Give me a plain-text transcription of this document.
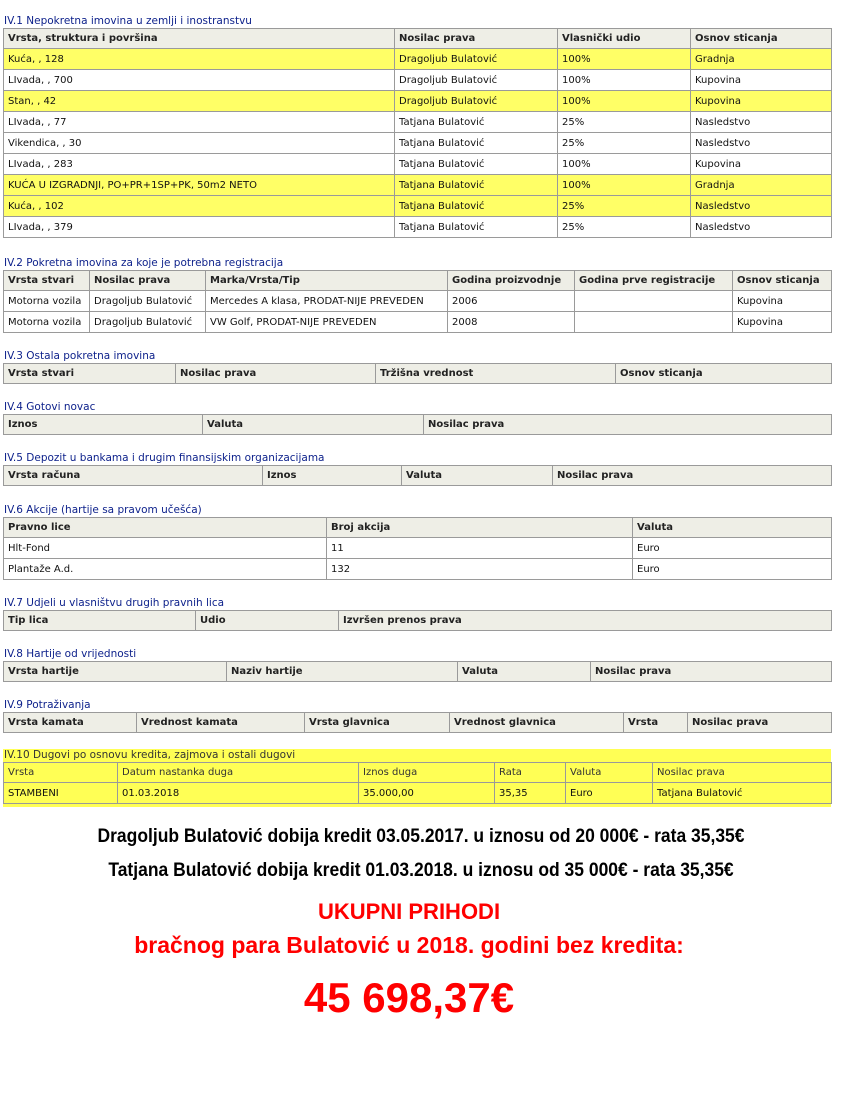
IV.1 Nepokretna imovina u zemlji i inostranstvu
Vrsta, struktura i površina	Nosilac prava	Vlasnički udio	Osnov sticanja
Kuća, , 128	Dragoljub Bulatović	100%	Gradnja
LIvada, , 700	Dragoljub Bulatović	100%	Kupovina
Stan, , 42	Dragoljub Bulatović	100%	Kupovina
LIvada, , 77	Tatjana Bulatović	25%	Nasledstvo
Vikendica, , 30	Tatjana Bulatović	25%	Nasledstvo
LIvada, , 283	Tatjana Bulatović	100%	Kupovina
KUĆA U IZGRADNJI, PO+PR+1SP+PK, 50m2 NETO	Tatjana Bulatović	100%	Gradnja
Kuća, , 102	Tatjana Bulatović	25%	Nasledstvo
LIvada, , 379	Tatjana Bulatović	25%	Nasledstvo
IV.2 Pokretna imovina za koje je potrebna registracija
Vrsta stvari	Nosilac prava	Marka/Vrsta/Tip	Godina proizvodnje	Godina prve registracije	Osnov sticanja
Motorna vozila	Dragoljub Bulatović	Mercedes A klasa, PRODAT-NIJE PREVEDEN	2006		Kupovina
Motorna vozila	Dragoljub Bulatović	VW Golf, PRODAT-NIJE PREVEDEN	2008		Kupovina
IV.3 Ostala pokretna imovina
Vrsta stvari	Nosilac prava	Tržišna vrednost	Osnov sticanja
IV.4 Gotovi novac
Iznos	Valuta	Nosilac prava
IV.5 Depozit u bankama i drugim finansijskim organizacijama
Vrsta računa	Iznos	Valuta	Nosilac prava
IV.6 Akcije (hartije sa pravom učešća)
Pravno lice	Broj akcija	Valuta
Hlt-Fond	11	Euro
Plantaže A.d.	132	Euro
IV.7 Udjeli u vlasništvu drugih pravnih lica
Tip lica	Udio	Izvršen prenos prava
IV.8 Hartije od vrijednosti
Vrsta hartije	Naziv hartije	Valuta	Nosilac prava
IV.9 Potraživanja
Vrsta kamata	Vrednost kamata	Vrsta glavnica	Vrednost glavnica	Vrsta	Nosilac prava
IV.10 Dugovi po osnovu kredita, zajmova i ostali dugovi
Vrsta	Datum nastanka duga	Iznos duga	Rata	Valuta	Nosilac prava
STAMBENI	01.03.2018	35.000,00	35,35	Euro	Tatjana Bulatović
Dragoljub Bulatović dobija kredit 03.05.2017. u iznosu od 20 000€ - rata 35,35€
Tatjana Bulatović dobija kredit 01.03.2018. u iznosu od 35 000€ - rata 35,35€
UKUPNI PRIHODI
bračnog para Bulatović u 2018. godini bez kredita:
45 698,37€
